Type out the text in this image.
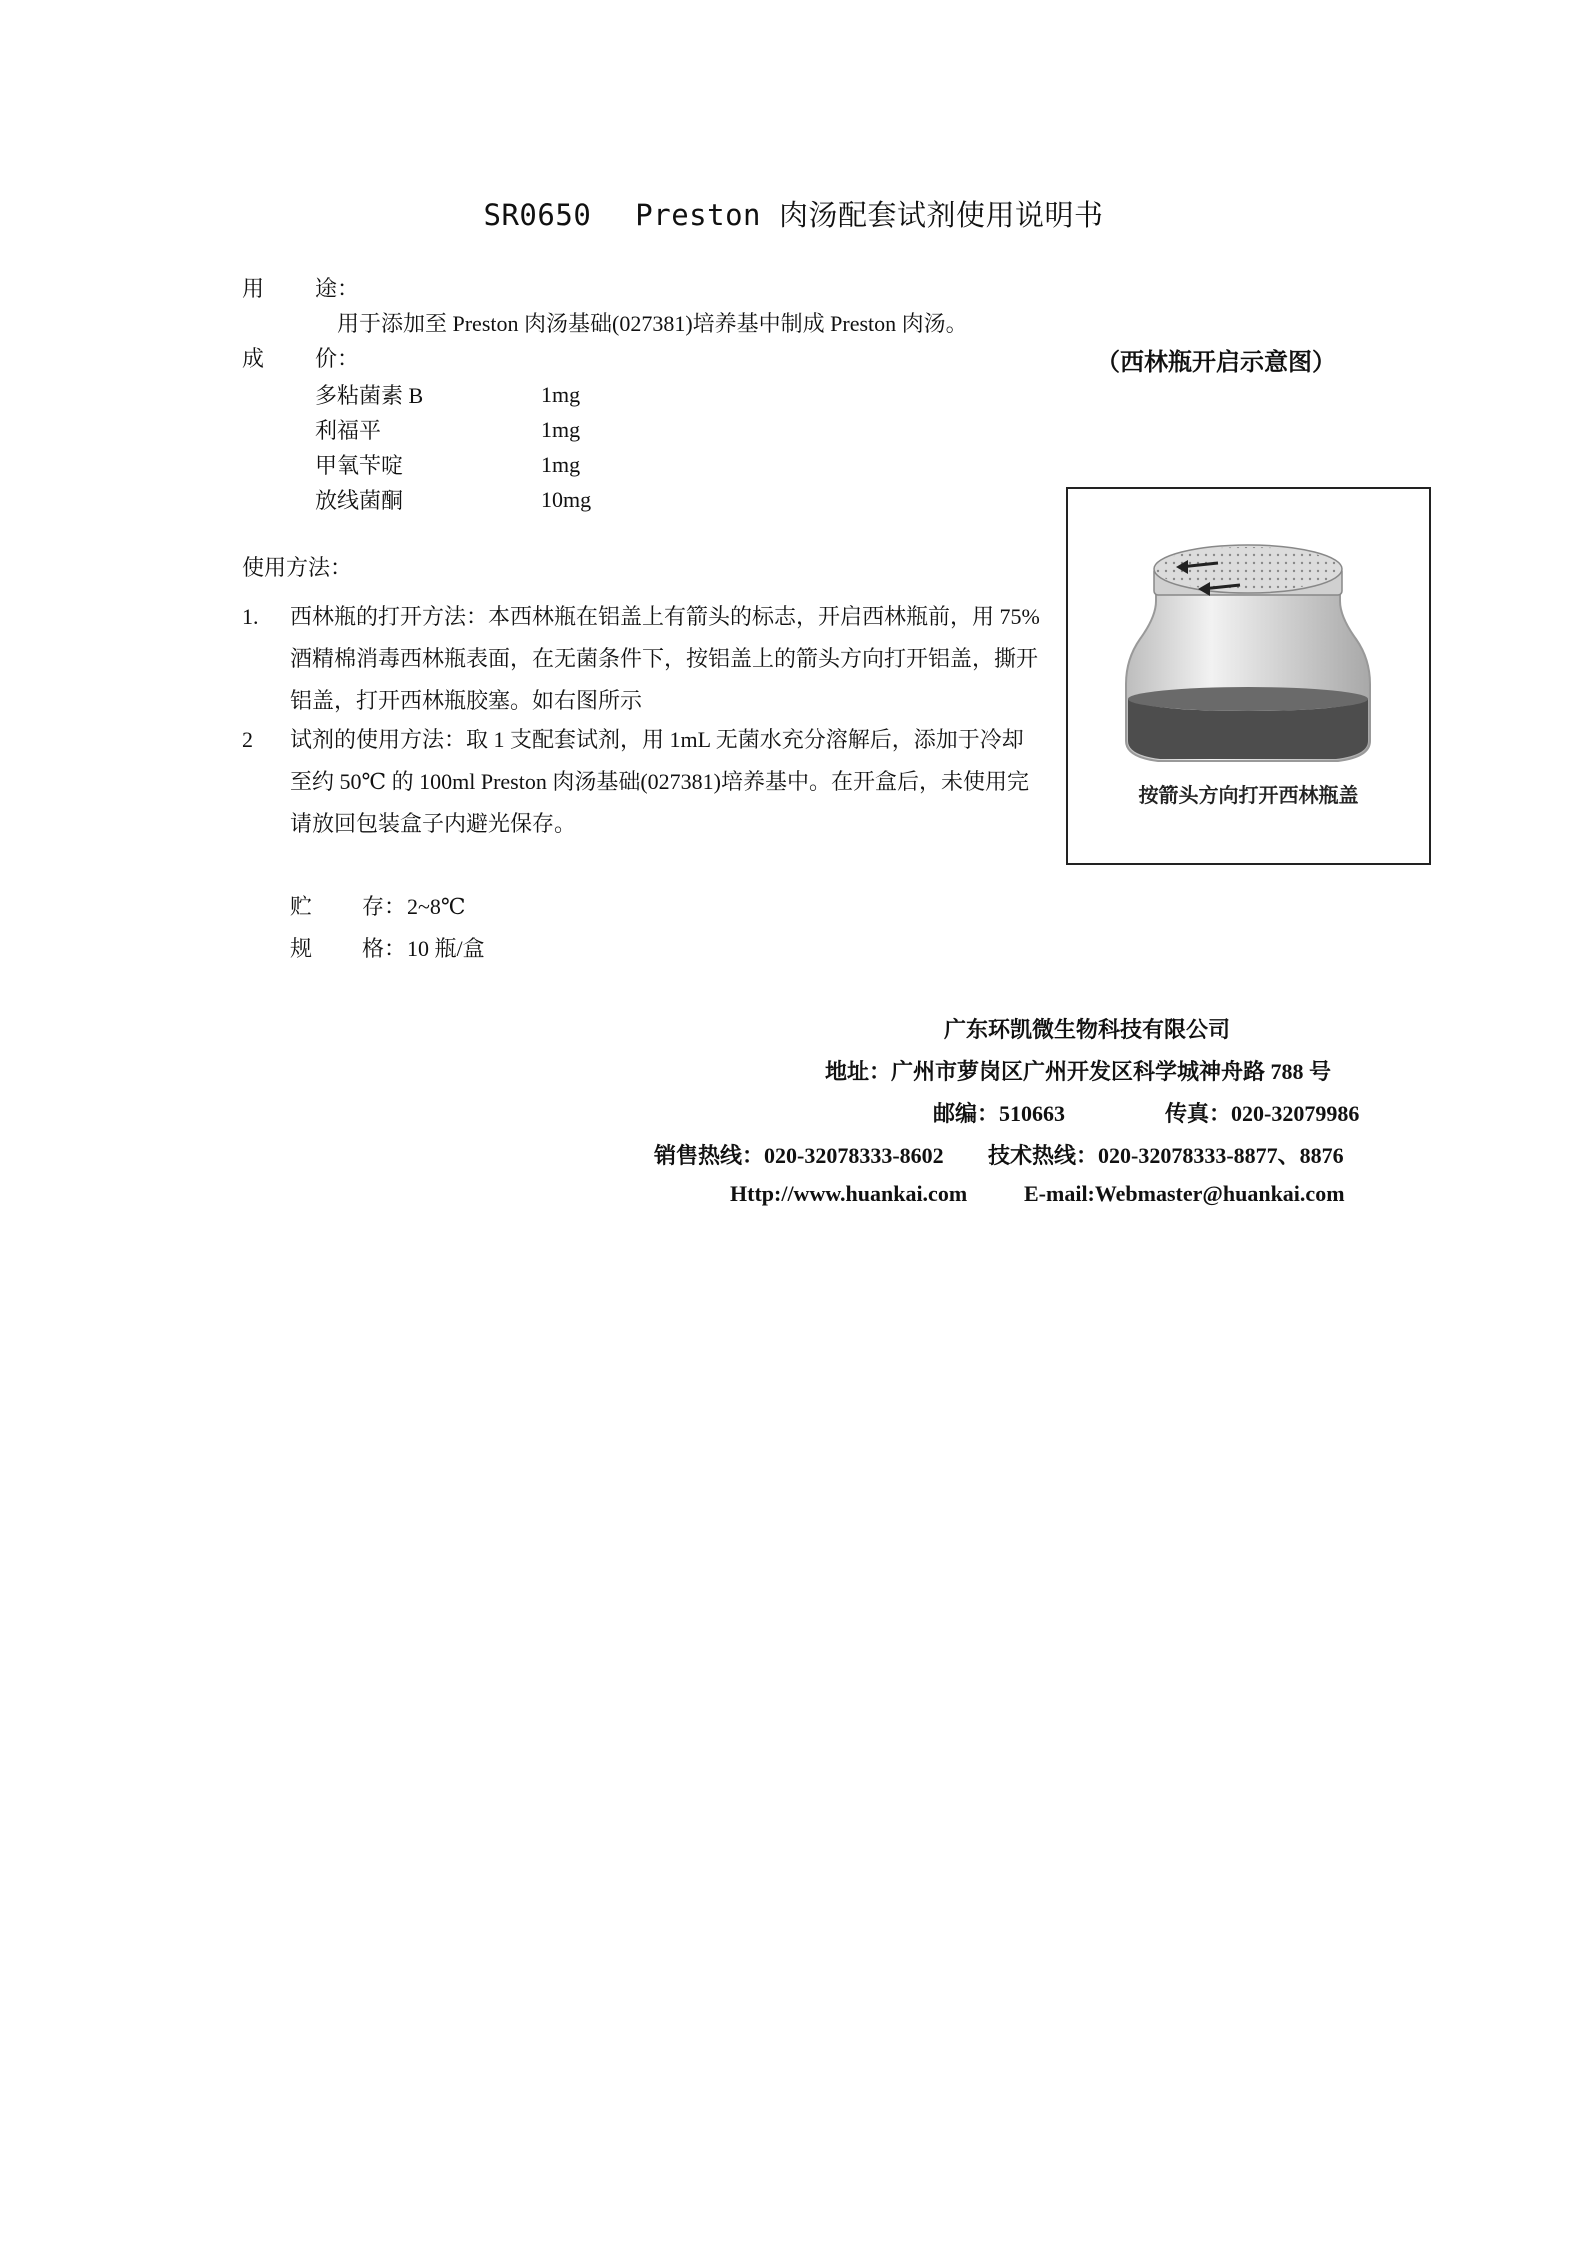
SR0650 Preston 肉汤配套试剂使用说明书
用 途：
用于添加至 Preston 肉汤基础(027381)培养基中制成 Preston 肉汤。
成 价：
多粘菌素 B	1mg
利福平	1mg
甲氧苄啶	1mg
放线菌酮	10mg
（西林瓶开启示意图）
按箭头方向打开西林瓶盖
使用方法：
1. 西林瓶的打开方法：本西林瓶在铝盖上有箭头的标志，开启西林瓶前，用 75%酒精棉消毒西林瓶表面，在无菌条件下，按铝盖上的箭头方向打开铝盖，撕开铝盖，打开西林瓶胶塞。如右图所示
2 试剂的使用方法：取 1 支配套试剂，用 1mL 无菌水充分溶解后，添加于冷却至约 50℃ 的 100ml Preston 肉汤基础(027381)培养基中。在开盒后，未使用完请放回包装盒子内避光保存。
贮 存： 2~8℃
规 格： 10 瓶/盒
广东环凯微生物科技有限公司
地址：广州市萝岗区广州开发区科学城神舟路 788 号
邮编：510663	传真：020-32079986
销售热线：020-32078333-8602 技术热线：020-32078333-8877、8876
Http://www.huankai.com	E-mail:Webmaster@huankai.com
